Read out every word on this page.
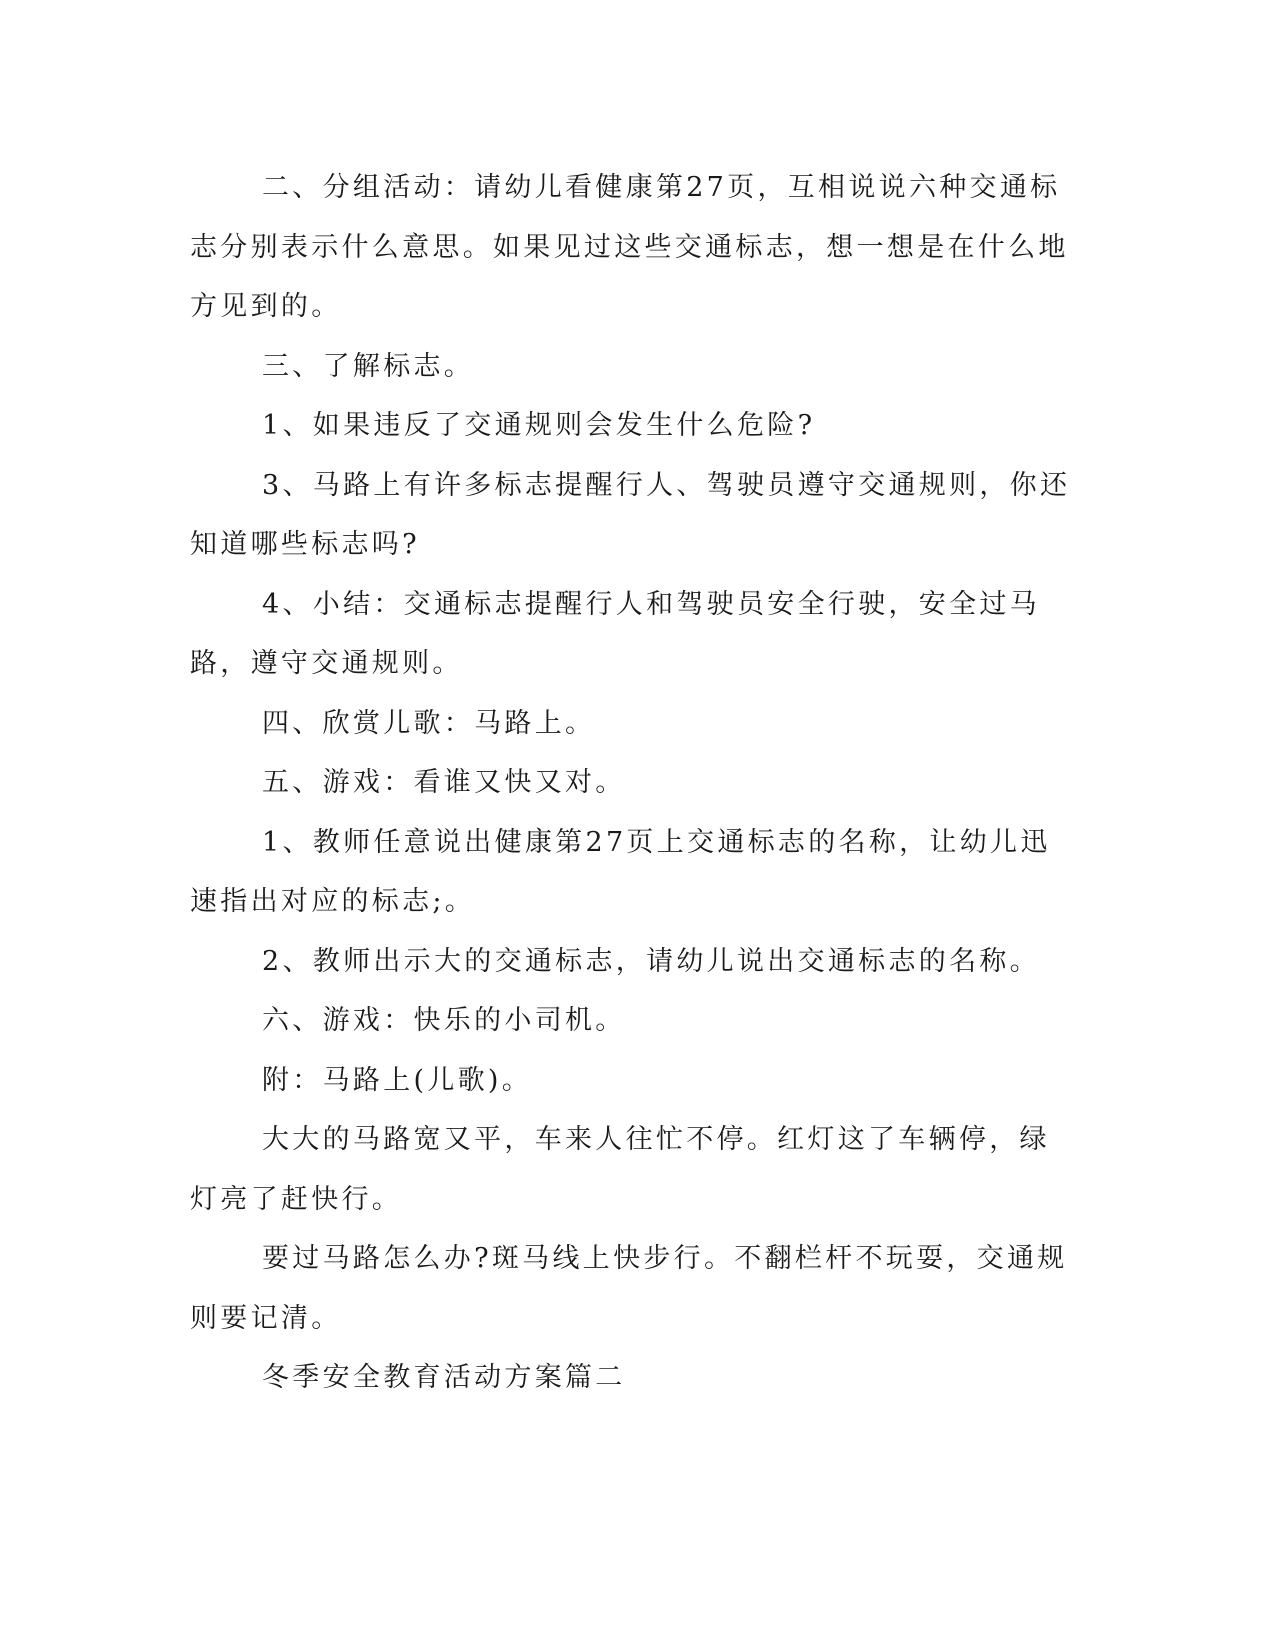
二、分组活动：请幼儿看健康第27页，互相说说六种交通标志分别表示什么意思。如果见过这些交通标志，想一想是在什么地方见到的。

三、了解标志。

1、如果违反了交通规则会发生什么危险?

3、马路上有许多标志提醒行人、驾驶员遵守交通规则，你还知道哪些标志吗?

4、小结：交通标志提醒行人和驾驶员安全行驶，安全过马路，遵守交通规则。

四、欣赏儿歌：马路上。

五、游戏：看谁又快又对。

1、教师任意说出健康第27页上交通标志的名称，让幼儿迅速指出对应的标志;。

2、教师出示大的交通标志，请幼儿说出交通标志的名称。

六、游戏：快乐的小司机。

附：马路上(儿歌)。

大大的马路宽又平，车来人往忙不停。红灯这了车辆停，绿灯亮了赶快行。

要过马路怎么办?斑马线上快步行。不翻栏杆不玩耍，交通规则要记清。

冬季安全教育活动方案篇二
